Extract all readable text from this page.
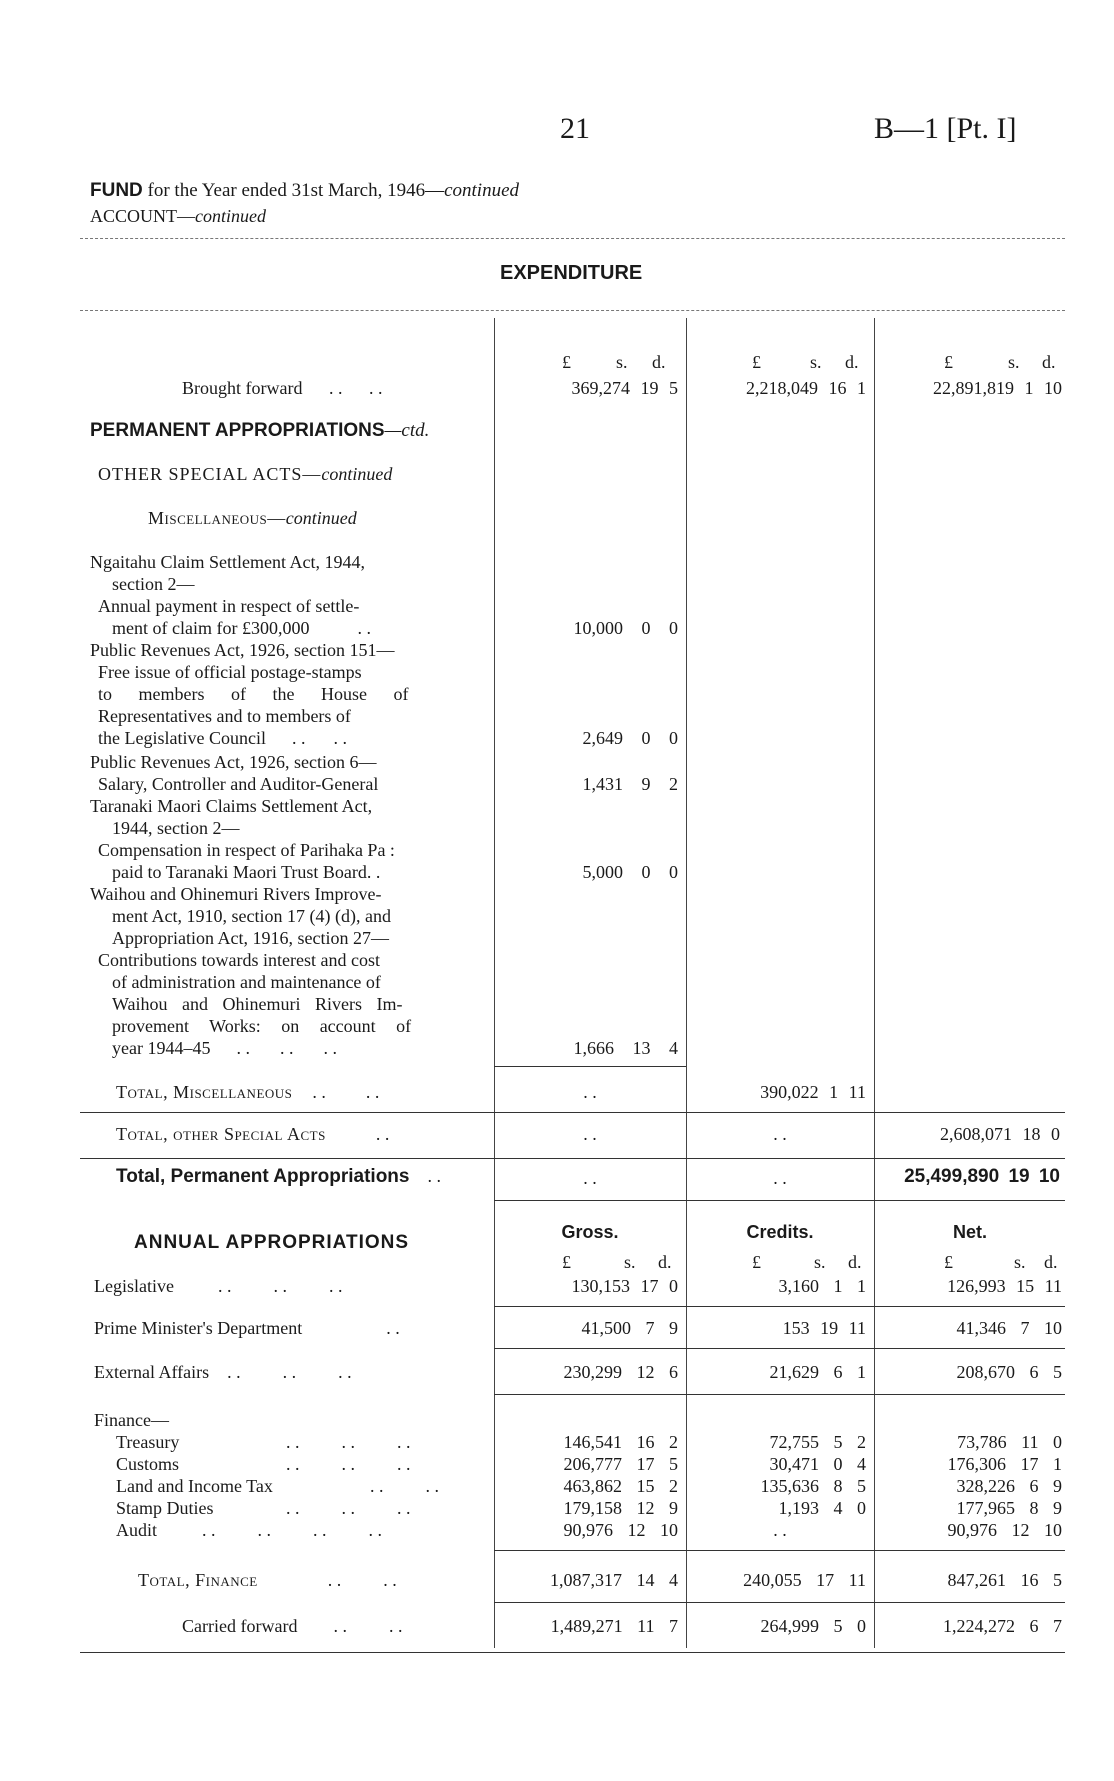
21	B—1 [Pt. I]
FUND for the Year ended 31st March, 1946—continued
ACCOUNT—continued
EXPENDITURE
£	s. d.	£	s. d.	£	s. d.
Brought forward . . . .	369,274 19 5	2,218,049 16 1	22,891,819 1 10
PERMANENT APPROPRIATIONS—ctd.
OTHER SPECIAL ACTS—continued
Miscellaneous—continued
Ngaitahu Claim Settlement Act, 1944,
section 2—
Annual payment in respect of settle-
ment of claim for £300,000	. .	10,000 0 0
Public Revenues Act, 1926, section 151—
Free issue of official postage-stamps
to members of the House of
Representatives and to members of
the Legislative Council . . . .	2,649 0 0
Public Revenues Act, 1926, section 6—
Salary, Controller and Auditor-General	1,431 9 2
Taranaki Maori Claims Settlement Act,
1944, section 2—
Compensation in respect of Parihaka Pa :
paid to Taranaki Maori Trust Board. .	5,000 0 0
Waihou and Ohinemuri Rivers Improve-
ment Act, 1910, section 17 (4) (d), and
Appropriation Act, 1916, section 27—
Contributions towards interest and cost
of administration and maintenance of
Waihou and Ohinemuri Rivers Im-
provement Works: on account of
year 1944–45 . . . . . .	1,666 13 4
Total, Miscellaneous . . . .	. .	390,022 1 11
Total, other Special Acts	. .	. .	. .	2,608,071 18 0
Total, Permanent Appropriations . .	. .	. .	25,499,890 19 10
ANNUAL APPROPRIATIONS	Gross.	Credits.	Net.
£	s. d.	£	s. d.	£	s. d.
Legislative . . . . . .	130,153 17 0	3,160 1 1	126,993 15 11
Prime Minister's Department	. .	41,500 7 9	153 19 11	41,346 7 10
External Affairs . . . . . .	230,299 12 6	21,629 6 1	208,670 6 5
Finance—
Treasury	. . . . . .	146,541 16 2	72,755 5 2	73,786 11 0
Customs	. . . . . .	206,777 17 5	30,471 0 4	176,306 17 1
Land and Income Tax	. . . .	463,862 15 2	135,636 8 5	328,226 6 9
Stamp Duties	. . . . . .	179,158 12 9	1,193 4 0	177,965 8 9
Audit . . . . . . . .	90,976 12 10	. .	90,976 12 10
Total, Finance	. . . .	1,087,317 14 4	240,055 17 11	847,261 16 5
Carried forward . . . .	1,489,271 11 7	264,999 5 0	1,224,272 6 7
